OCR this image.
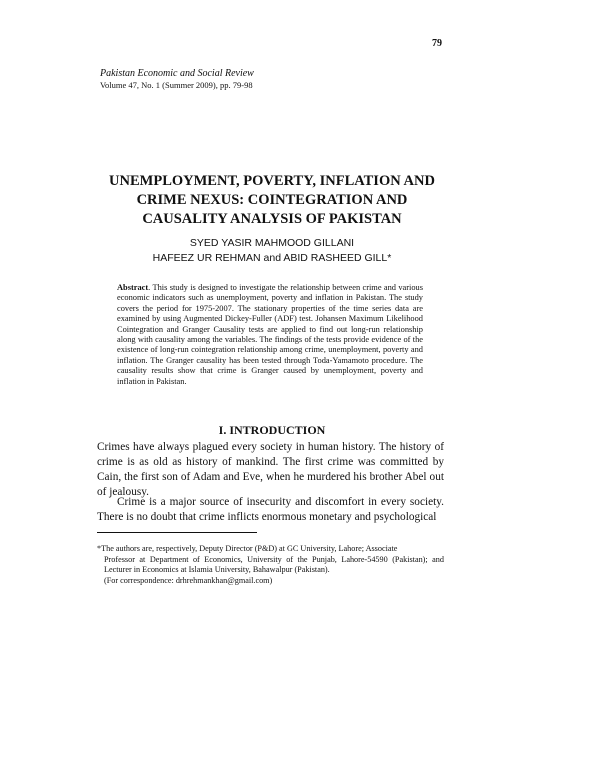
79
Pakistan Economic and Social Review
Volume 47, No. 1 (Summer 2009), pp. 79-98
UNEMPLOYMENT, POVERTY, INFLATION AND CRIME NEXUS: COINTEGRATION AND CAUSALITY ANALYSIS OF PAKISTAN
SYED YASIR MAHMOOD GILLANI
HAFEEZ UR REHMAN and ABID RASHEED GILL*
Abstract. This study is designed to investigate the relationship between crime and various economic indicators such as unemployment, poverty and inflation in Pakistan. The study covers the period for 1975-2007. The stationary properties of the time series data are examined by using Augmented Dickey-Fuller (ADF) test. Johansen Maximum Likelihood Cointegration and Granger Causality tests are applied to find out long-run relationship along with causality among the variables. The findings of the tests provide evidence of the existence of long-run cointegration relationship among crime, unemployment, poverty and inflation. The Granger causality has been tested through Toda-Yamamoto procedure. The causality results show that crime is Granger caused by unemployment, poverty and inflation in Pakistan.
I. INTRODUCTION
Crimes have always plagued every society in human history. The history of crime is as old as history of mankind. The first crime was committed by Cain, the first son of Adam and Eve, when he murdered his brother Abel out of jealousy.
Crime is a major source of insecurity and discomfort in every society. There is no doubt that crime inflicts enormous monetary and psychological
*The authors are, respectively, Deputy Director (P&D) at GC University, Lahore; Associate
Professor at Department of Economics, University of the Punjab, Lahore-54590 (Pakistan); and Lecturer in Economics at Islamia University, Bahawalpur (Pakistan).
(For correspondence: drhrehmankhan@gmail.com)
